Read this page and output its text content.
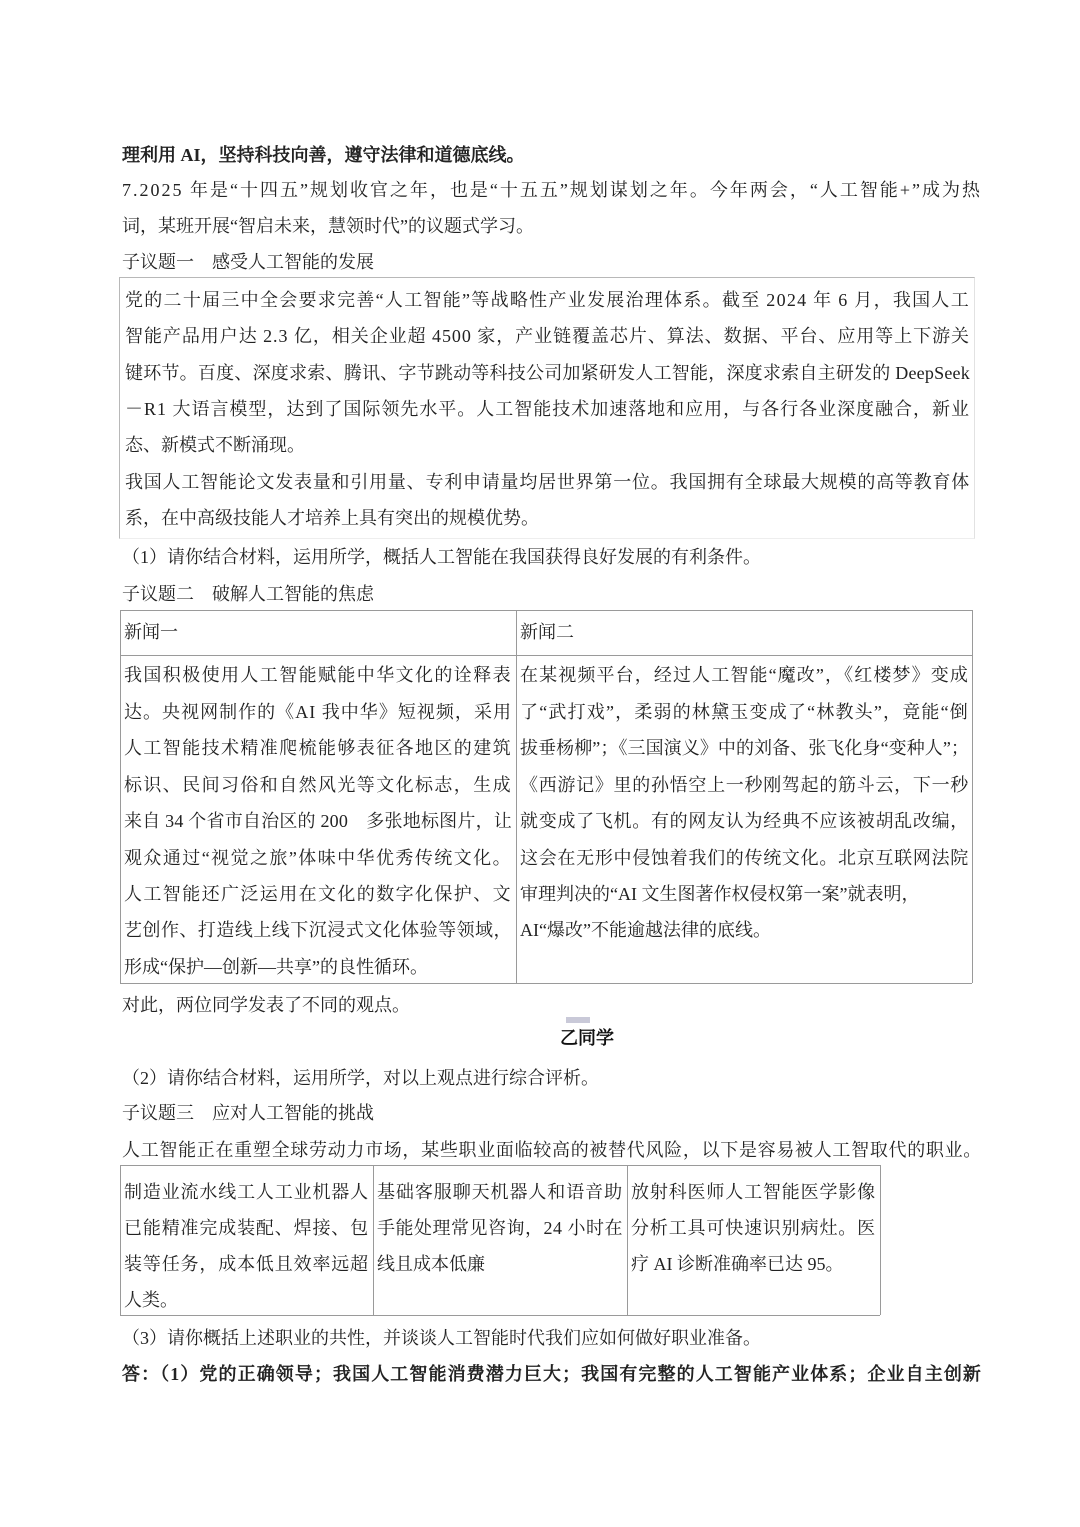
理利用 AI，坚持科技向善，遵守法律和道德底线。
7.2025 年是“十四五”规划收官之年，也是“十五五”规划谋划之年。今年两会，“人工智能+”成为热
词，某班开展“智启未来，慧领时代”的议题式学习。
子议题一　感受人工智能的发展
党的二十届三中全会要求完善“人工智能”等战略性产业发展治理体系。截至 2024 年 6 月，我国人工
智能产品用户达 2.3 亿，相关企业超 4500 家，产业链覆盖芯片、算法、数据、平台、应用等上下游关
键环节。百度、深度求索、腾讯、字节跳动等科技公司加紧研发人工智能，深度求索自主研发的 DeepSeek
－R1 大语言模型，达到了国际领先水平。人工智能技术加速落地和应用，与各行各业深度融合，新业
态、新模式不断涌现。
我国人工智能论文发表量和引用量、专利申请量均居世界第一位。我国拥有全球最大规模的高等教育体
系，在中高级技能人才培养上具有突出的规模优势。
（1）请你结合材料，运用所学，概括人工智能在我国获得良好发展的有利条件。
子议题二　破解人工智能的焦虑
新闻一	新闻二
我国积极使用人工智能赋能中华文化的诠释表
达。央视网制作的《AI 我中华》短视频，采用
人工智能技术精准爬梳能够表征各地区的建筑
标识、民间习俗和自然风光等文化标志，生成
来自 34 个省市自治区的 200　多张地标图片，让
观众通过“视觉之旅”体味中华优秀传统文化。
人工智能还广泛运用在文化的数字化保护、文
艺创作、打造线上线下沉浸式文化体验等领域，
形成“保护—创新—共享”的良性循环。
在某视频平台，经过人工智能“魔改”，《红楼梦》变成
了“武打戏”，柔弱的林黛玉变成了“林教头”，竟能“倒
拔垂杨柳”；《三国演义》中的刘备、张飞化身“变种人”；
《西游记》里的孙悟空上一秒刚驾起的筋斗云，下一秒
就变成了飞机。有的网友认为经典不应该被胡乱改编，
这会在无形中侵蚀着我们的传统文化。北京互联网法院
审理判决的“AI 文生图著作权侵权第一案”就表明，
AI“爆改”不能逾越法律的底线。
对此，两位同学发表了不同的观点。
乙同学
（2）请你结合材料，运用所学，对以上观点进行综合评析。
子议题三　应对人工智能的挑战
人工智能正在重塑全球劳动力市场，某些职业面临较高的被替代风险，以下是容易被人工智取代的职业。
制造业流水线工人工业机器人
已能精准完成装配、焊接、包
装等任务，成本低且效率远超
人类。
基础客服聊天机器人和语音助
手能处理常见咨询，24 小时在
线且成本低廉
放射科医师人工智能医学影像
分析工具可快速识别病灶。医
疗 AI 诊断准确率已达 95。
（3）请你概括上述职业的共性，并谈谈人工智能时代我们应如何做好职业准备。
答：（1）党的正确领导；我国人工智能消费潜力巨大；我国有完整的人工智能产业体系；企业自主创新
